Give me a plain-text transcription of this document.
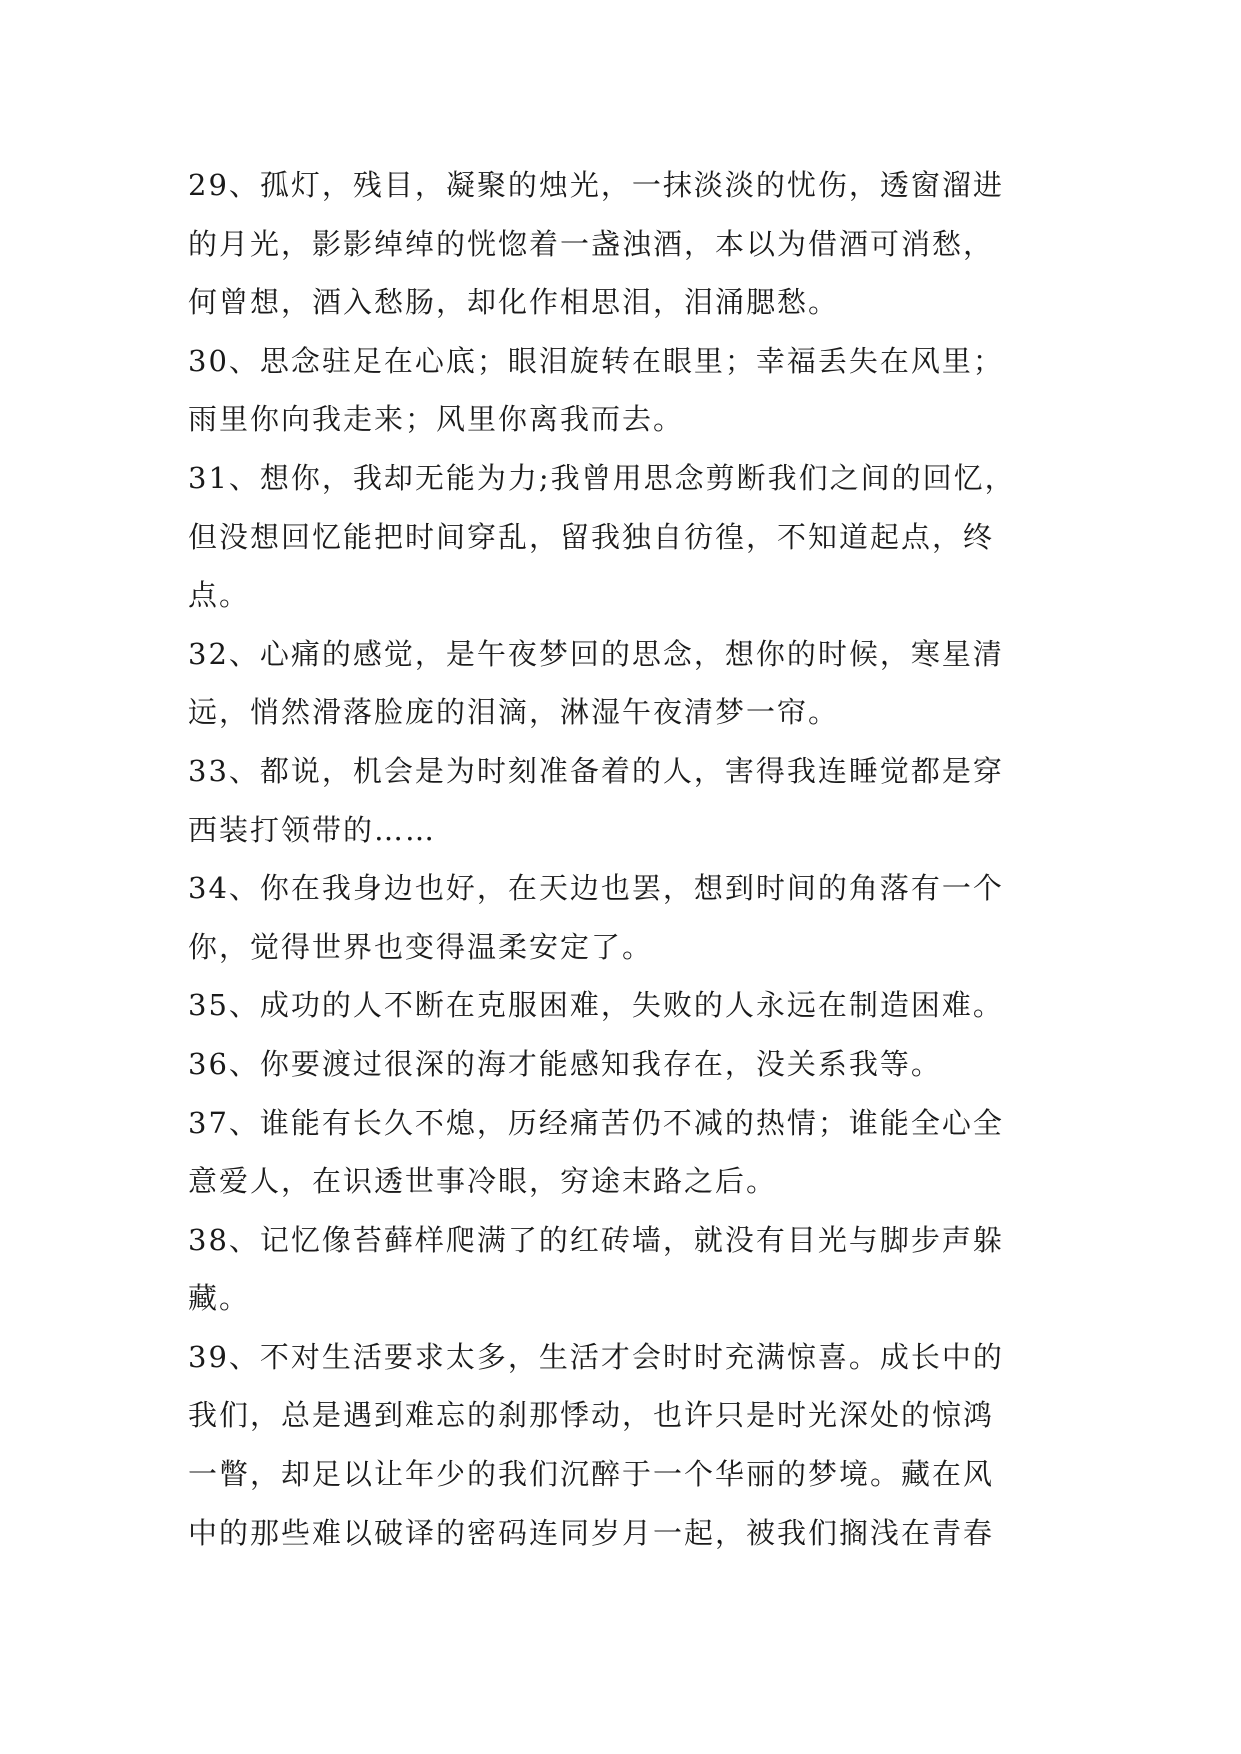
29、孤灯，残目，凝聚的烛光，一抹淡淡的忧伤，透窗溜进
的月光，影影绰绰的恍惚着一盏浊酒，本以为借酒可消愁，
何曾想，酒入愁肠，却化作相思泪，泪涌腮愁。
30、思念驻足在心底；眼泪旋转在眼里；幸福丢失在风里；
雨里你向我走来；风里你离我而去。
31、想你，我却无能为力;我曾用思念剪断我们之间的回忆，
但没想回忆能把时间穿乱，留我独自彷徨，不知道起点，终
点。
32、心痛的感觉，是午夜梦回的思念，想你的时候，寒星清
远，悄然滑落脸庞的泪滴，淋湿午夜清梦一帘。
33、都说，机会是为时刻准备着的人，害得我连睡觉都是穿
西装打领带的……
34、你在我身边也好，在天边也罢，想到时间的角落有一个
你，觉得世界也变得温柔安定了。
35、成功的人不断在克服困难，失败的人永远在制造困难。
36、你要渡过很深的海才能感知我存在，没关系我等。
37、谁能有长久不熄，历经痛苦仍不减的热情；谁能全心全
意爱人，在识透世事冷眼，穷途末路之后。
38、记忆像苔藓样爬满了的红砖墙，就没有目光与脚步声躲
藏。
39、不对生活要求太多，生活才会时时充满惊喜。成长中的
我们，总是遇到难忘的刹那悸动，也许只是时光深处的惊鸿
一瞥，却足以让年少的我们沉醉于一个华丽的梦境。藏在风
中的那些难以破译的密码连同岁月一起，被我们搁浅在青春
